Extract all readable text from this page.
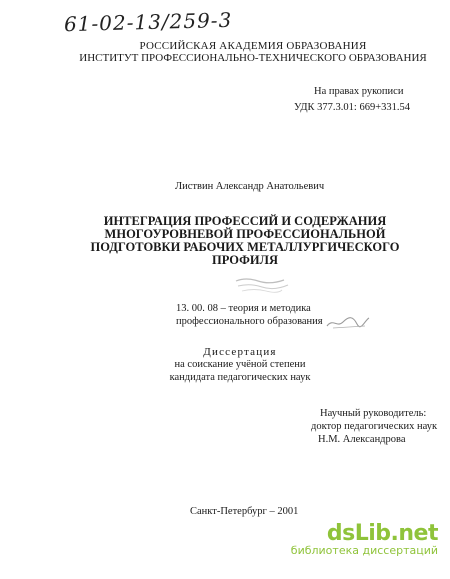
61-02-13/259-3
РОССИЙСКАЯ АКАДЕМИЯ ОБРАЗОВАНИЯ
ИНСТИТУТ ПРОФЕССИОНАЛЬНО-ТЕХНИЧЕСКОГО ОБРАЗОВАНИЯ
На правах рукописи
УДК 377.3.01: 669+331.54
Листвин Александр Анатольевич
ИНТЕГРАЦИЯ ПРОФЕССИЙ И СОДЕРЖАНИЯ
МНОГОУРОВНЕВОЙ ПРОФЕССИОНАЛЬНОЙ
ПОДГОТОВКИ РАБОЧИХ МЕТАЛЛУРГИЧЕСКОГО
ПРОФИЛЯ
13. 00. 08 – теория и методика
профессионального образования
Диссертация
на соискание учёной степени
кандидата педагогических наук
Научный руководитель:
доктор педагогических наук
Н.М. Александрова
Санкт-Петербург – 2001
dsLib.net
библиотека диссертаций
